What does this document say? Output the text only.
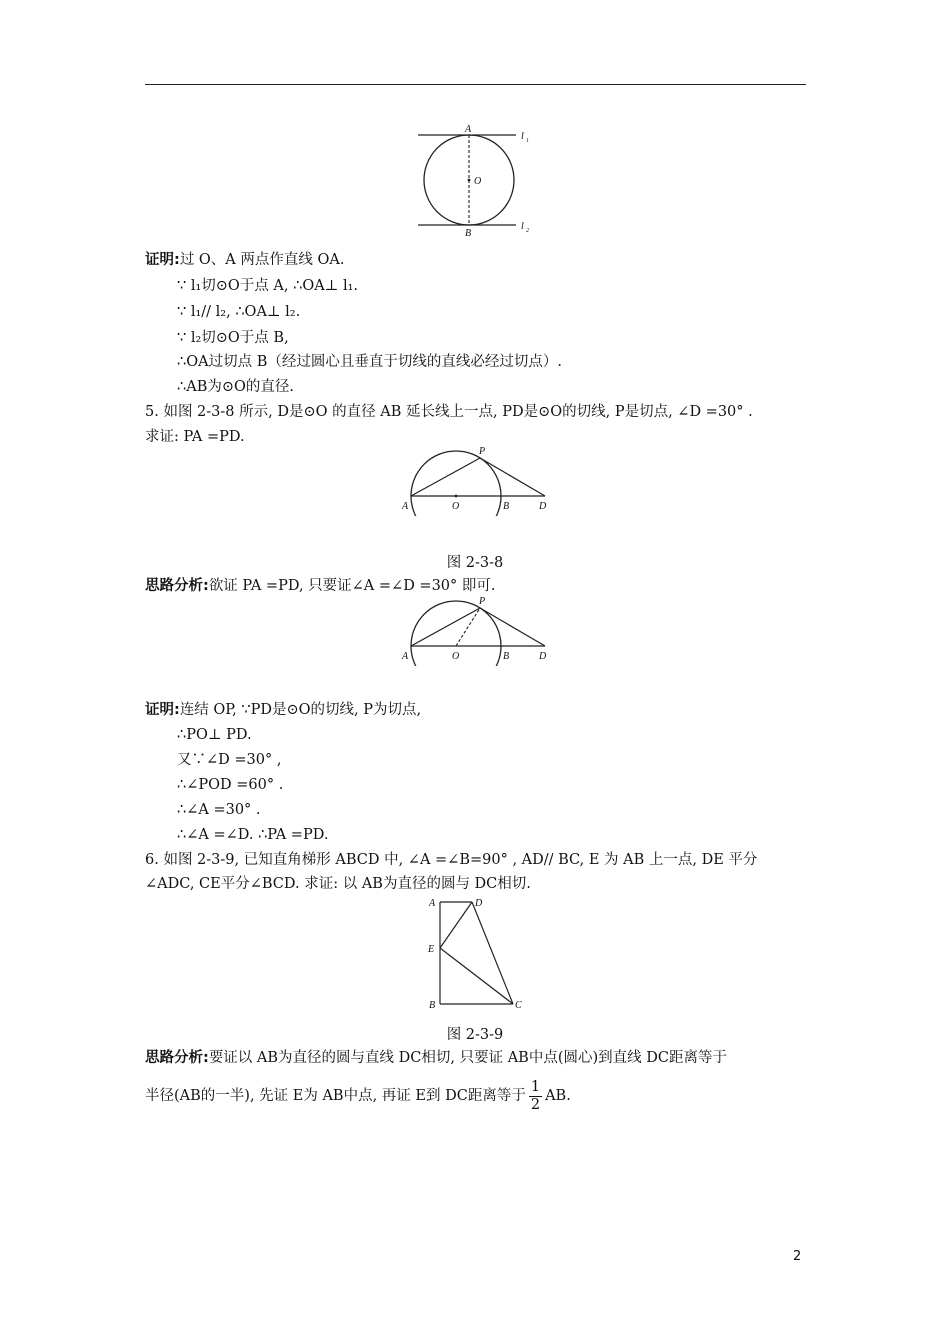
A
O
B
l 1
l 2
证明:过 O、A 两点作直线 OA.
∵ l₁切⊙O于点 A, ∴OA⊥ l₁.
∵ l₁// l₂, ∴OA⊥ l₂.
∵ l₂切⊙O于点 B,
∴OA过切点 B（经过圆心且垂直于切线的直线必经过切点）.
∴AB为⊙O的直径.
5. 如图 2-3-8 所示, D是⊙O 的直径 AB 延长线上一点, PD是⊙O的切线, P是切点, ∠D =30° .
求证: PA =PD.
P
A	O	B	D
图 2-3-8
思路分析:欲证 PA =PD, 只要证∠A =∠D =30° 即可.
P
A	O	B	D
证明:连结 OP, ∵PD是⊙O的切线, P为切点,
∴PO⊥ PD.
又∵∠D =30° ,
∴∠POD =60° .
∴∠A =30° .
∴∠A =∠D. ∴PA =PD.
6. 如图 2-3-9, 已知直角梯形 ABCD 中, ∠A =∠B=90° , AD// BC, E 为 AB 上一点, DE 平分
∠ADC, CE平分∠BCD. 求证: 以 AB为直径的圆与 DC相切.
A	D
E
B	C
图 2-3-9
思路分析:要证以 AB为直径的圆与直线 DC相切, 只要证 AB中点(圆心)到直线 DC距离等于
半径(AB的一半), 先证 E为 AB中点, 再证 E到 DC距离等于 $\frac{1}{2}$ AB.
2
